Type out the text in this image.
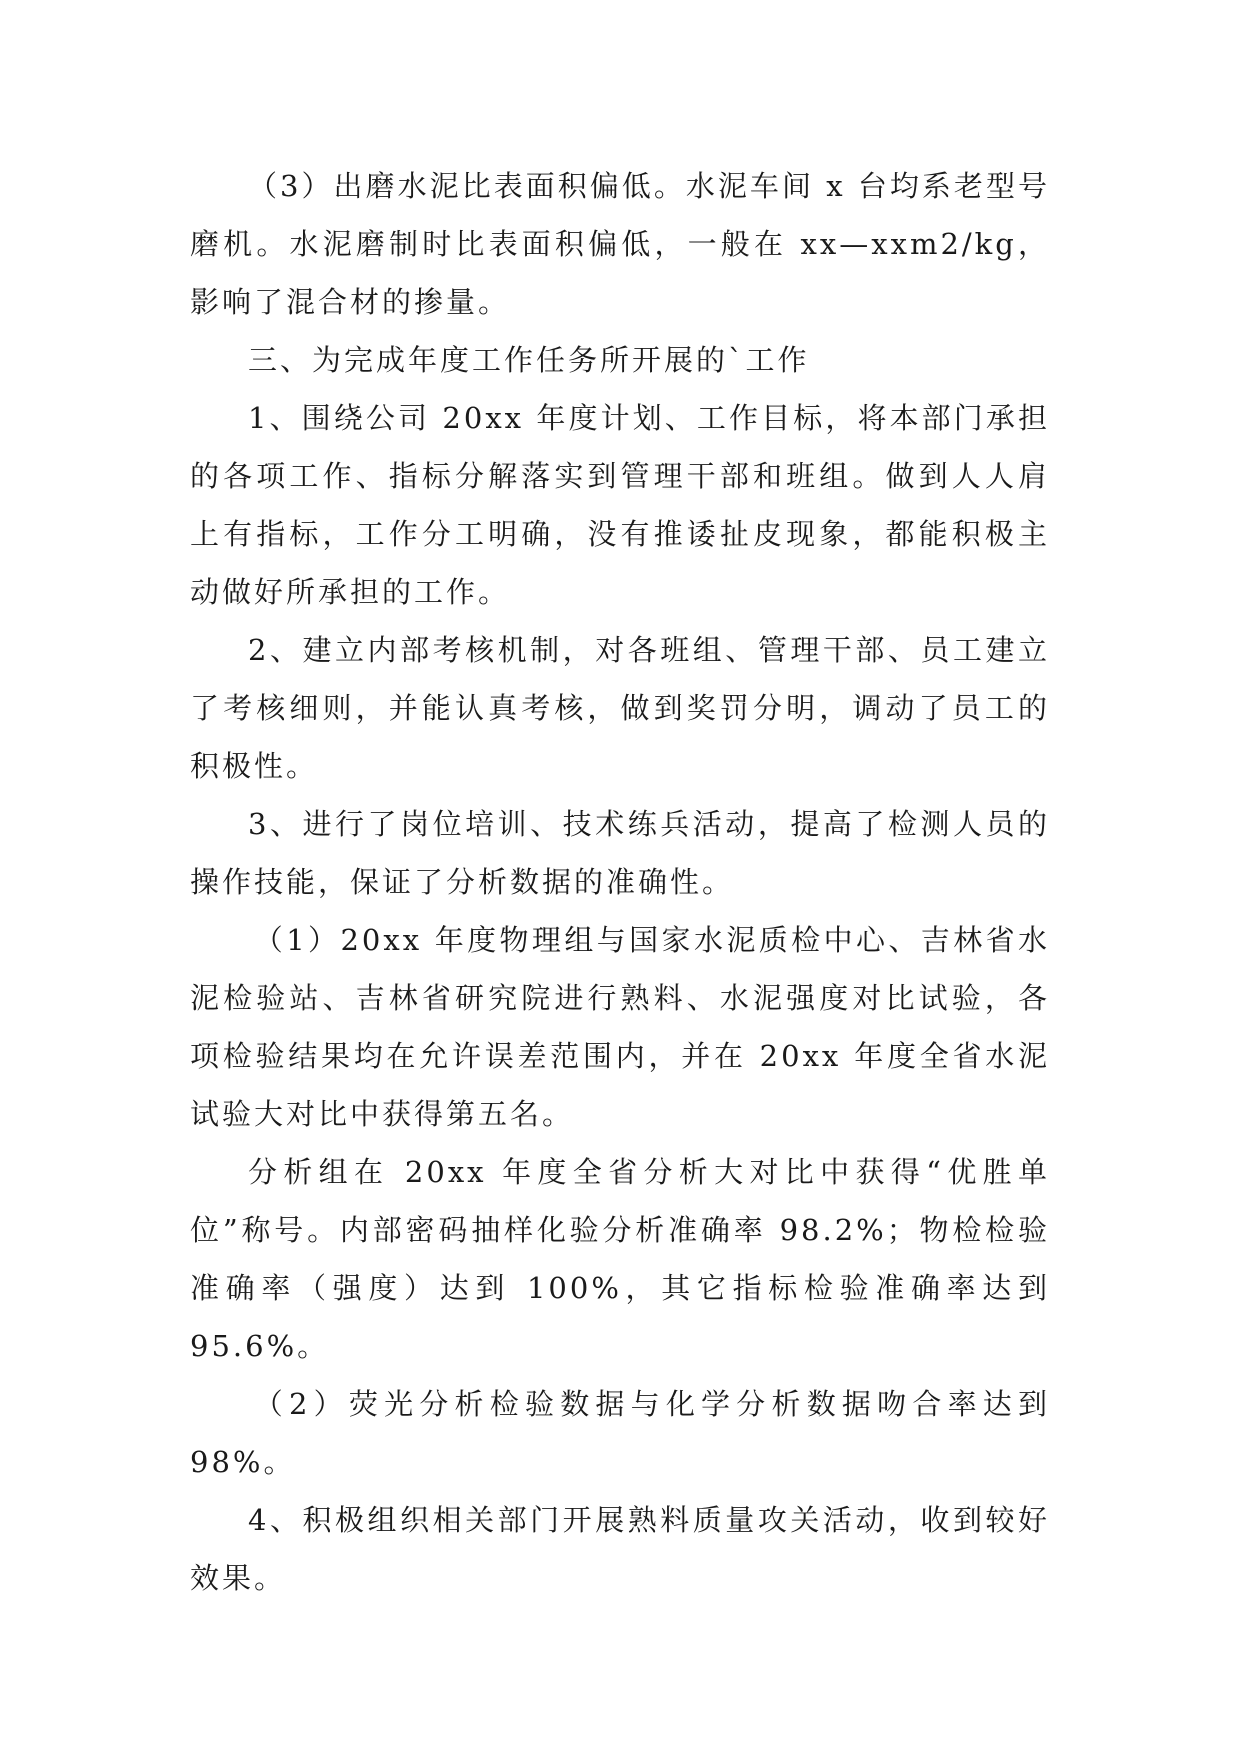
（3）出磨水泥比表面积偏低。水泥车间 x 台均系老型号磨机。水泥磨制时比表面积偏低，一般在 xx—xxm2/kg，影响了混合材的掺量。

三、为完成年度工作任务所开展的`工作

1、围绕公司 20xx 年度计划、工作目标，将本部门承担的各项工作、指标分解落实到管理干部和班组。做到人人肩上有指标，工作分工明确，没有推诿扯皮现象，都能积极主动做好所承担的工作。

2、建立内部考核机制，对各班组、管理干部、员工建立了考核细则，并能认真考核，做到奖罚分明，调动了员工的积极性。

3、进行了岗位培训、技术练兵活动，提高了检测人员的操作技能，保证了分析数据的准确性。

（1）20xx 年度物理组与国家水泥质检中心、吉林省水泥检验站、吉林省研究院进行熟料、水泥强度对比试验，各项检验结果均在允许误差范围内，并在 20xx 年度全省水泥试验大对比中获得第五名。

分析组在 20xx 年度全省分析大对比中获得“优胜单位”称号。内部密码抽样化验分析准确率 98.2%；物检检验准确率（强度）达到 100%，其它指标检验准确率达到 95.6%。

（2）荧光分析检验数据与化学分析数据吻合率达到 98%。

4、积极组织相关部门开展熟料质量攻关活动，收到较好效果。
